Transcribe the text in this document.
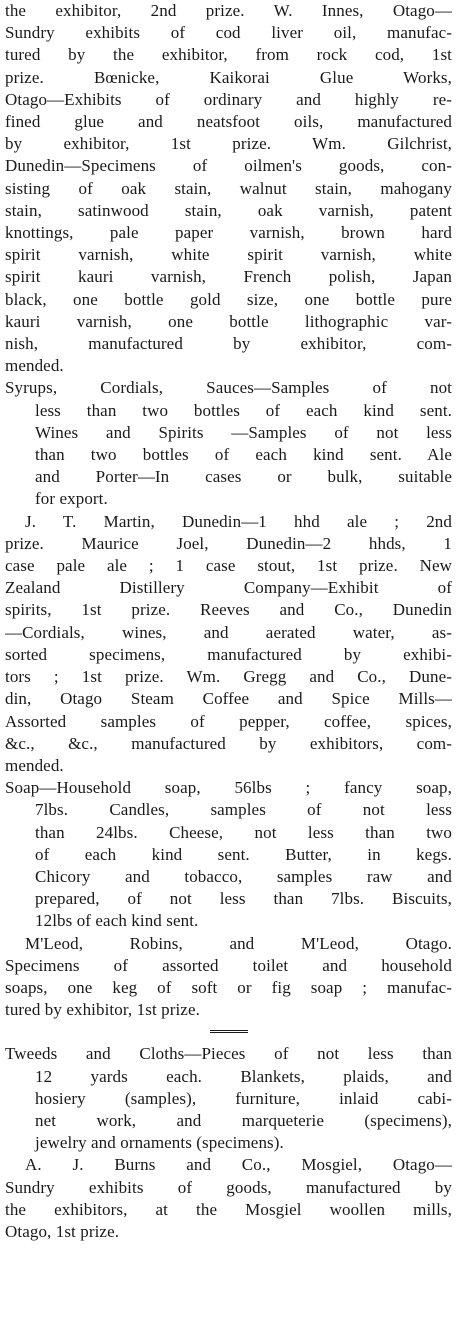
the exhibitor, 2nd prize. W. Innes, Otago—
Sundry exhibits of cod liver oil, manufac-
tured by the exhibitor, from rock cod, 1st
prize. Bœnicke, Kaikorai Glue Works,
Otago—Exhibits of ordinary and highly re-
fined glue and neatsfoot oils, manufactured
by exhibitor, 1st prize. Wm. Gilchrist,
Dunedin—Specimens of oilmen's goods, con-
sisting of oak stain, walnut stain, mahogany
stain, satinwood stain, oak varnish, patent
knottings, pale paper varnish, brown hard
spirit varnish, white spirit varnish, white
spirit kauri varnish, French polish, Japan
black, one bottle gold size, one bottle pure
kauri varnish, one bottle lithographic var-
nish, manufactured by exhibitor, com-
mended.
Syrups, Cordials, Sauces—Samples of not
less than two bottles of each kind sent.
Wines and Spirits —Samples of not less
than two bottles of each kind sent. Ale
and Porter—In cases or bulk, suitable
for export.
J. T. Martin, Dunedin—1 hhd ale ; 2nd
prize. Maurice Joel, Dunedin—2 hhds, 1
case pale ale ; 1 case stout, 1st prize. New
Zealand Distillery Company—Exhibit of
spirits, 1st prize. Reeves and Co., Dunedin
—Cordials, wines, and aerated water, as-
sorted specimens, manufactured by exhibi-
tors ; 1st prize. Wm. Gregg and Co., Dune-
din, Otago Steam Coffee and Spice Mills—
Assorted samples of pepper, coffee, spices,
&c., &c., manufactured by exhibitors, com-
mended.
Soap—Household soap, 56lbs ; fancy soap,
7lbs. Candles, samples of not less
than 24lbs. Cheese, not less than two
of each kind sent. Butter, in kegs.
Chicory and tobacco, samples raw and
prepared, of not less than 7lbs. Biscuits,
12lbs of each kind sent.
M'Leod, Robins, and M'Leod, Otago.
Specimens of assorted toilet and household
soaps, one keg of soft or fig soap ; manufac-
tured by exhibitor, 1st prize.
Tweeds and Cloths—Pieces of not less than
12 yards each. Blankets, plaids, and
hosiery (samples), furniture, inlaid cabi-
net work, and marqueterie (specimens),
jewelry and ornaments (specimens).
A. J. Burns and Co., Mosgiel, Otago—
Sundry exhibits of goods, manufactured by
the exhibitors, at the Mosgiel woollen mills,
Otago, 1st prize.
